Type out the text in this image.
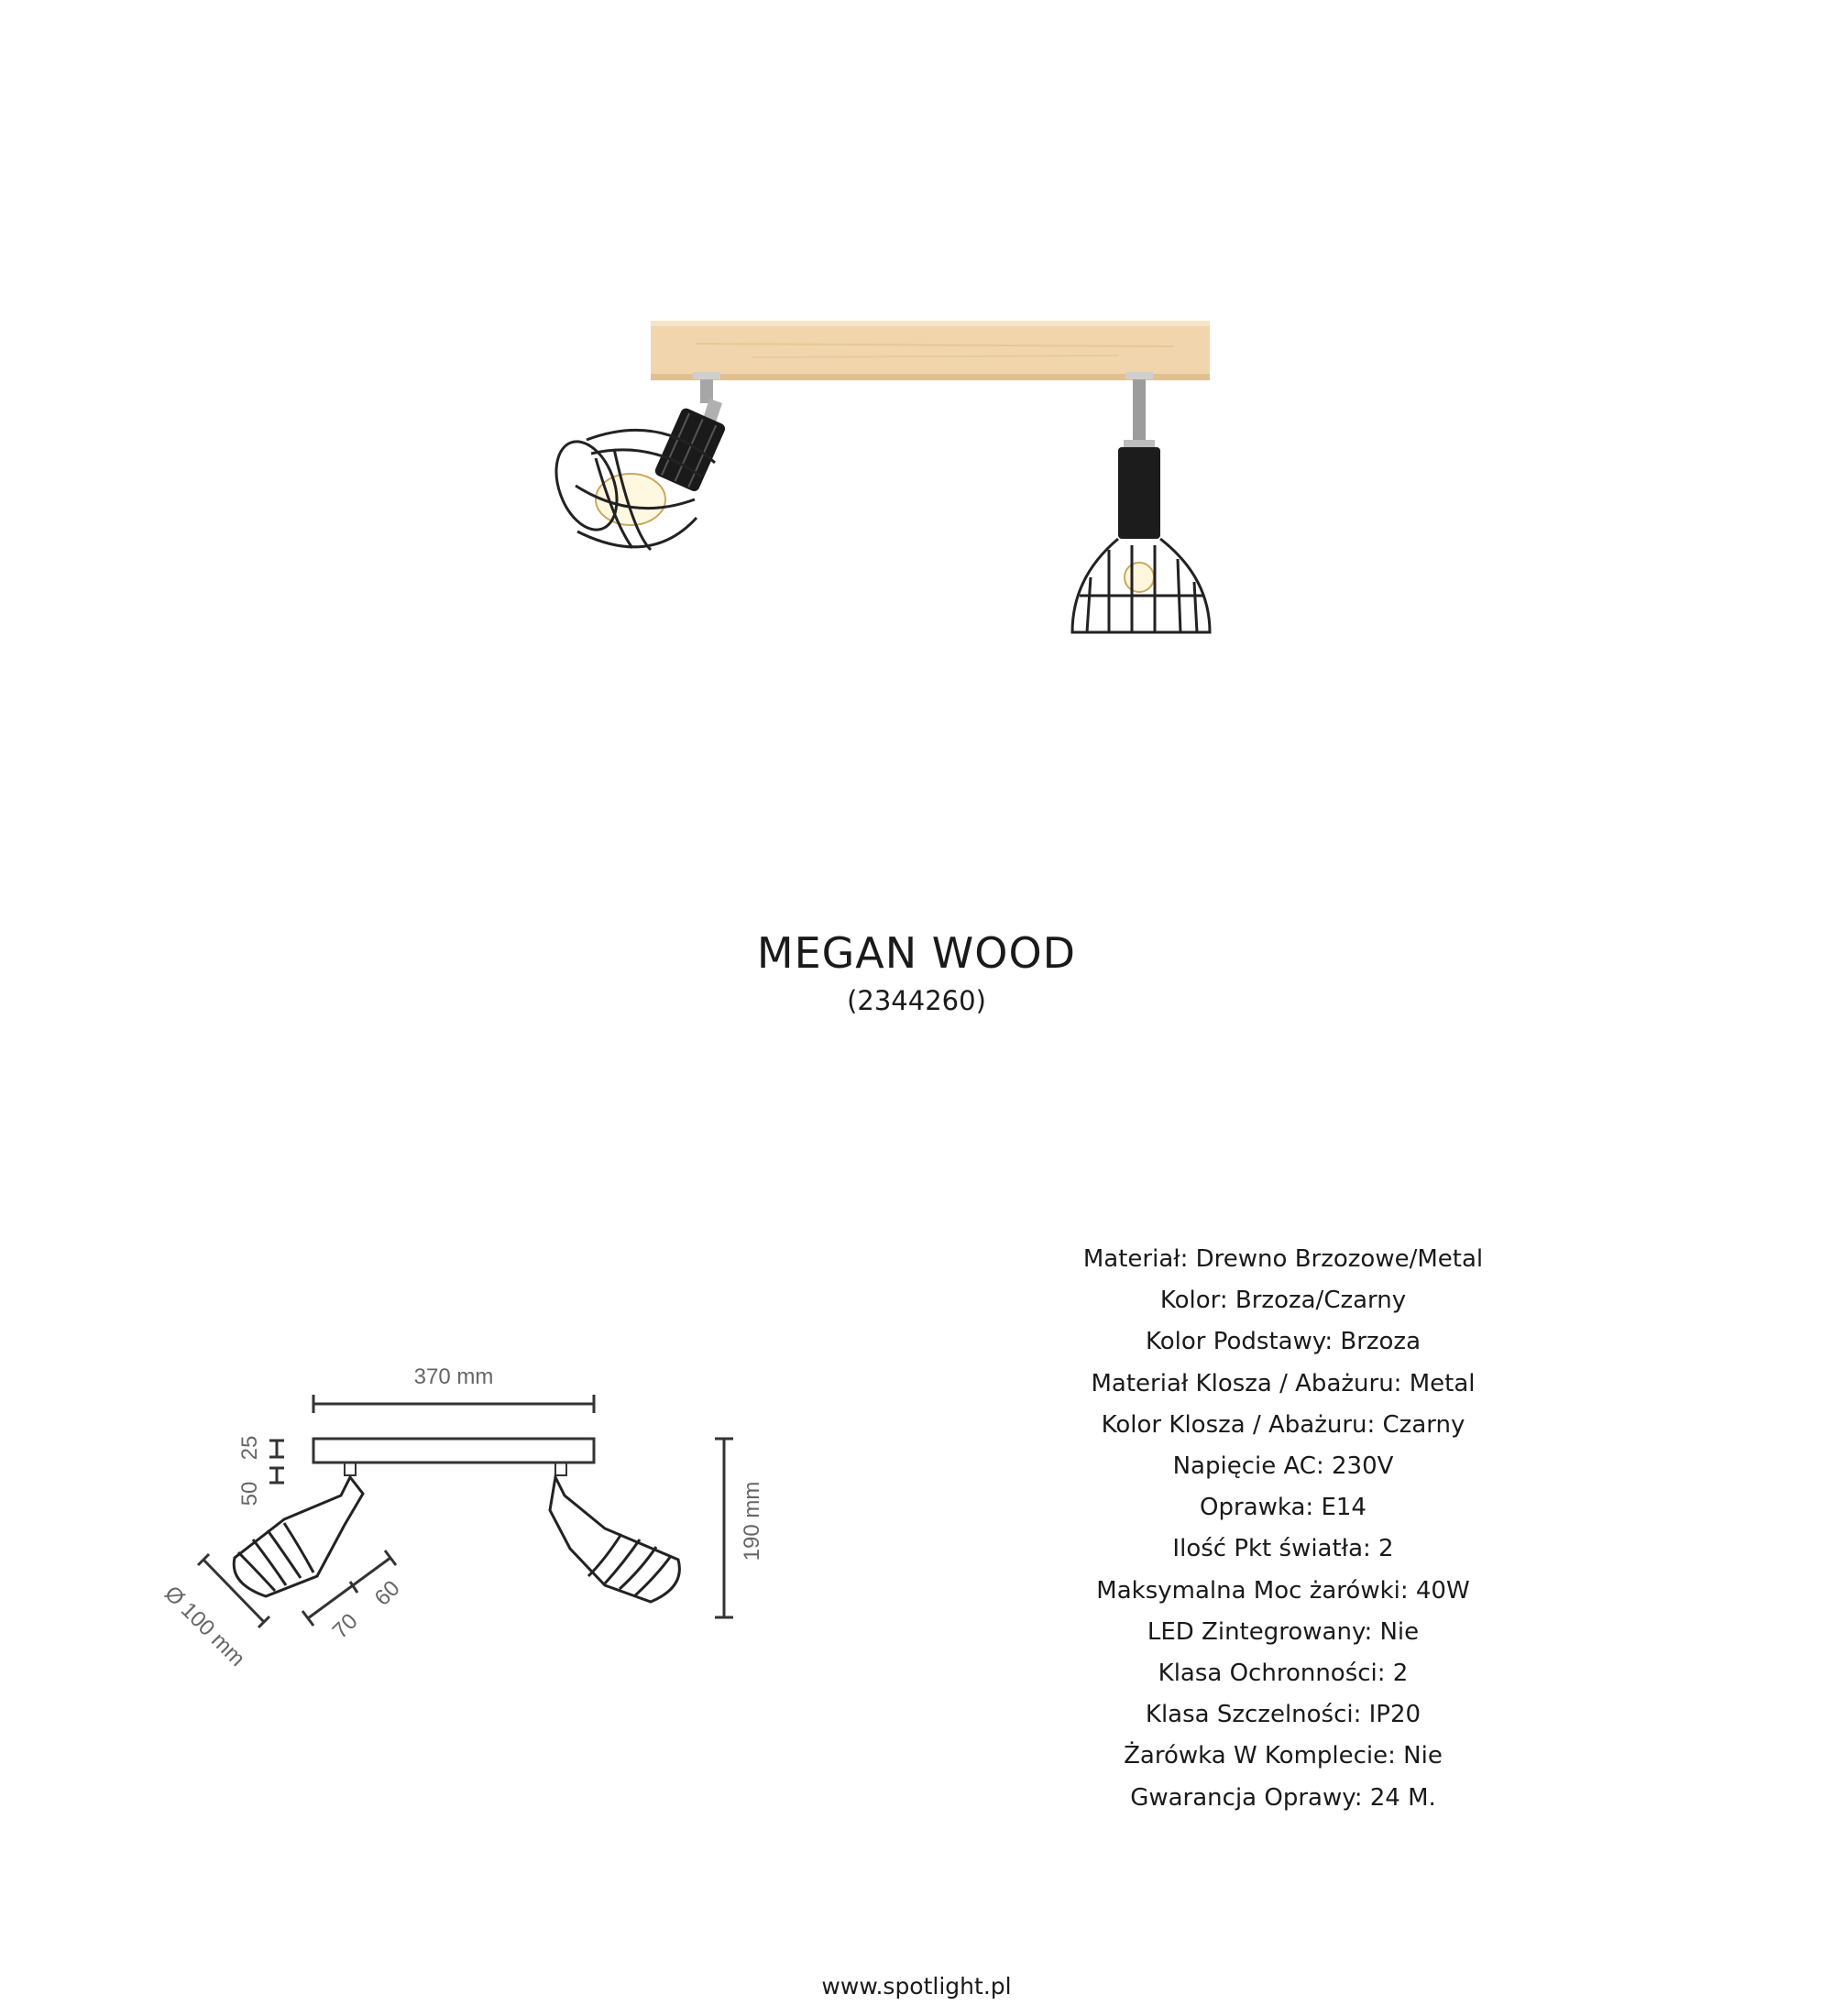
MEGAN WOOD
(2344260)
370 mm
190 mm
25
50
Ø 100 mm	70
60
Materiał: Drewno Brzozowe/Metal
Kolor: Brzoza/Czarny
Kolor Podstawy: Brzoza
Materiał Klosza / Abażuru: Metal
Kolor Klosza / Abażuru: Czarny
Napięcie AC: 230V
Oprawka: E14
Ilość Pkt światła: 2
Maksymalna Moc żarówki: 40W
LED Zintegrowany: Nie
Klasa Ochronności: 2
Klasa Szczelności: IP20
Żarówka W Komplecie: Nie
Gwarancja Oprawy: 24 M.
www.spotlight.pl
